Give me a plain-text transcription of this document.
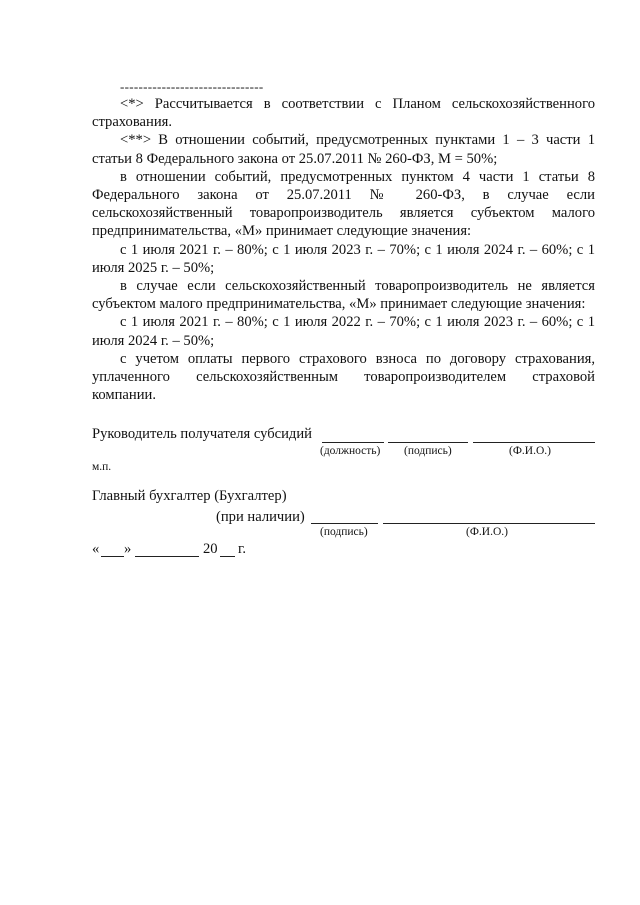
-------------------------------

<*> Рассчитывается в соответствии с Планом сельскохозяйственного страхования.

<**> В отношении событий, предусмотренных пунктами 1 – 3 части 1 статьи 8 Федерального закона от 25.07.2011 № 260-ФЗ, М = 50%;

в отношении событий, предусмотренных пунктом 4 части 1 статьи 8 Федерального закона от 25.07.2011 № 260-ФЗ, в случае если сельскохозяйственный товаропроизводитель является субъектом малого предпринимательства, «М» принимает следующие значения:

с 1 июля 2021 г. – 80%; с 1 июля 2023 г. – 70%; с 1 июля 2024 г. – 60%; с 1 июля 2025 г. – 50%;

в случае если сельскохозяйственный товаропроизводитель не является субъектом малого предпринимательства, «М» принимает следующие значения:

с 1 июля 2021 г. – 80%; с 1 июля 2022 г. – 70%; с 1 июля 2023 г. – 60%; с 1 июля 2024 г. – 50%;

с учетом оплаты первого страхового взноса по договору страхования, уплаченного сельскохозяйственным товаропроизводителем страховой компании.

Руководитель получателя субсидий
(должность) (подпись)	(Ф.И.О.)
м.п.
Главный бухгалтер (Бухгалтер)
(при наличии)
(подпись)	(Ф.И.О.)
« »	20 г.
